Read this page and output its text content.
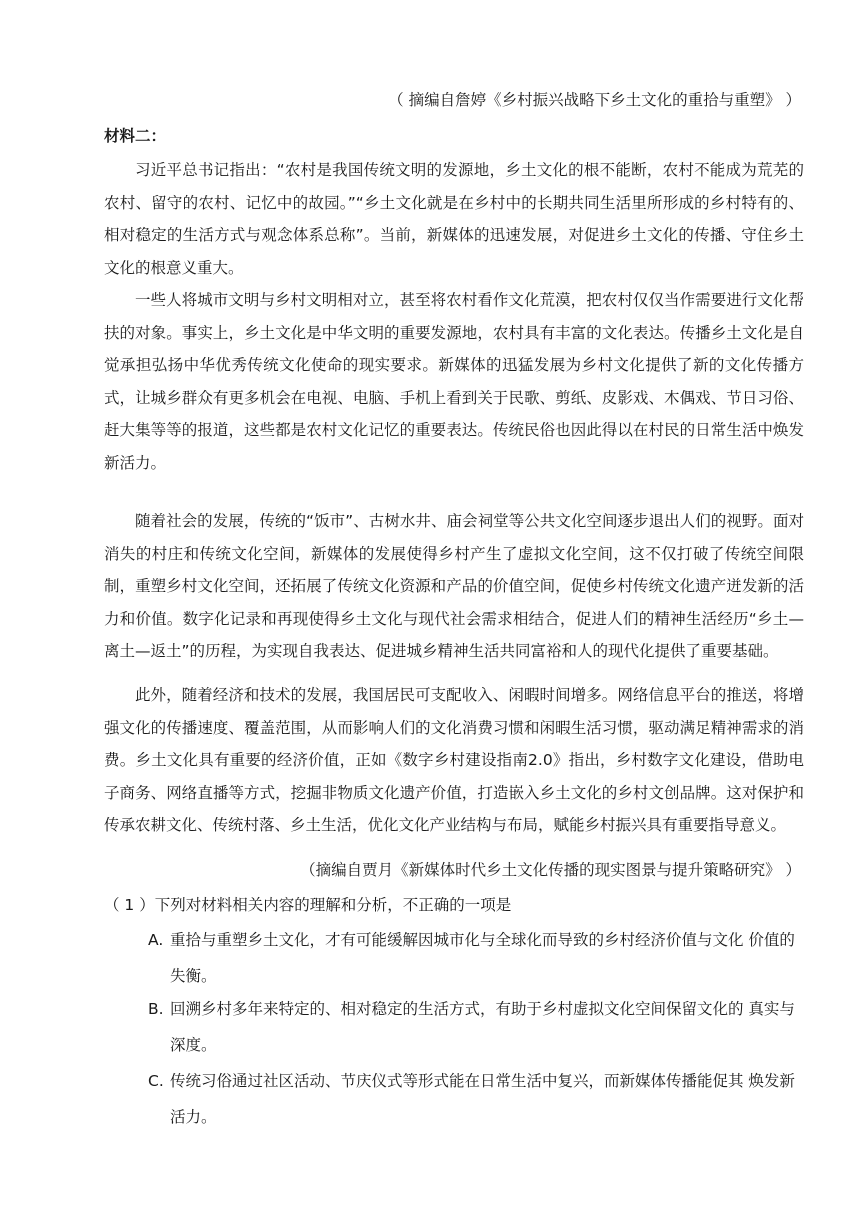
（ 摘编自詹婷《乡村振兴战略下乡土文化的重拾与重塑》 ）
材料二：
习近平总书记指出：“农村是我国传统文明的发源地，乡土文化的根不能断，农村不能成为荒芜的农村、留守的农村、记忆中的故园。”“乡土文化就是在乡村中的长期共同生活里所形成的乡村特有的、相对稳定的生活方式与观念体系总称”。当前，新媒体的迅速发展，对促进乡土文化的传播、守住乡土文化的根意义重大。
一些人将城市文明与乡村文明相对立，甚至将农村看作文化荒漠，把农村仅仅当作需要进行文化帮扶的对象。事实上，乡土文化是中华文明的重要发源地，农村具有丰富的文化表达。传播乡土文化是自觉承担弘扬中华优秀传统文化使命的现实要求。新媒体的迅猛发展为乡村文化提供了新的文化传播方式，让城乡群众有更多机会在电视、电脑、手机上看到关于民歌、剪纸、皮影戏、木偶戏、节日习俗、赶大集等等的报道，这些都是农村文化记忆的重要表达。传统民俗也因此得以在村民的日常生活中焕发新活力。
随着社会的发展，传统的“饭市”、古树水井、庙会祠堂等公共文化空间逐步退出人们的视野。面对消失的村庄和传统文化空间，新媒体的发展使得乡村产生了虚拟文化空间，这不仅打破了传统空间限制，重塑乡村文化空间，还拓展了传统文化资源和产品的价值空间，促使乡村传统文化遗产迸发新的活力和价值。数字化记录和再现使得乡土文化与现代社会需求相结合，促进人们的精神生活经历“乡土—离土—返土”的历程，为实现自我表达、促进城乡精神生活共同富裕和人的现代化提供了重要基础。
此外，随着经济和技术的发展，我国居民可支配收入、闲暇时间增多。网络信息平台的推送，将增强文化的传播速度、覆盖范围，从而影响人们的文化消费习惯和闲暇生活习惯，驱动满足精神需求的消费。乡土文化具有重要的经济价值，正如《数字乡村建设指南2.0》指出，乡村数字文化建设，借助电子商务、网络直播等方式，挖掘非物质文化遗产价值，打造嵌入乡土文化的乡村文创品牌。这对保护和传承农耕文化、传统村落、乡土生活，优化文化产业结构与布局，赋能乡村振兴具有重要指导意义。
（摘编自贾月《新媒体时代乡土文化传播的现实图景与提升策略研究》 ）
（ 1 ）下列对材料相关内容的理解和分析，不正确的一项是
A. 重拾与重塑乡土文化，才有可能缓解因城市化与全球化而导致的乡村经济价值与文化 价值的
失衡。
B. 回溯乡村多年来特定的、相对稳定的生活方式，有助于乡村虚拟文化空间保留文化的 真实与
深度。
C. 传统习俗通过社区活动、节庆仪式等形式能在日常生活中复兴，而新媒体传播能促其 焕发新
活力。
